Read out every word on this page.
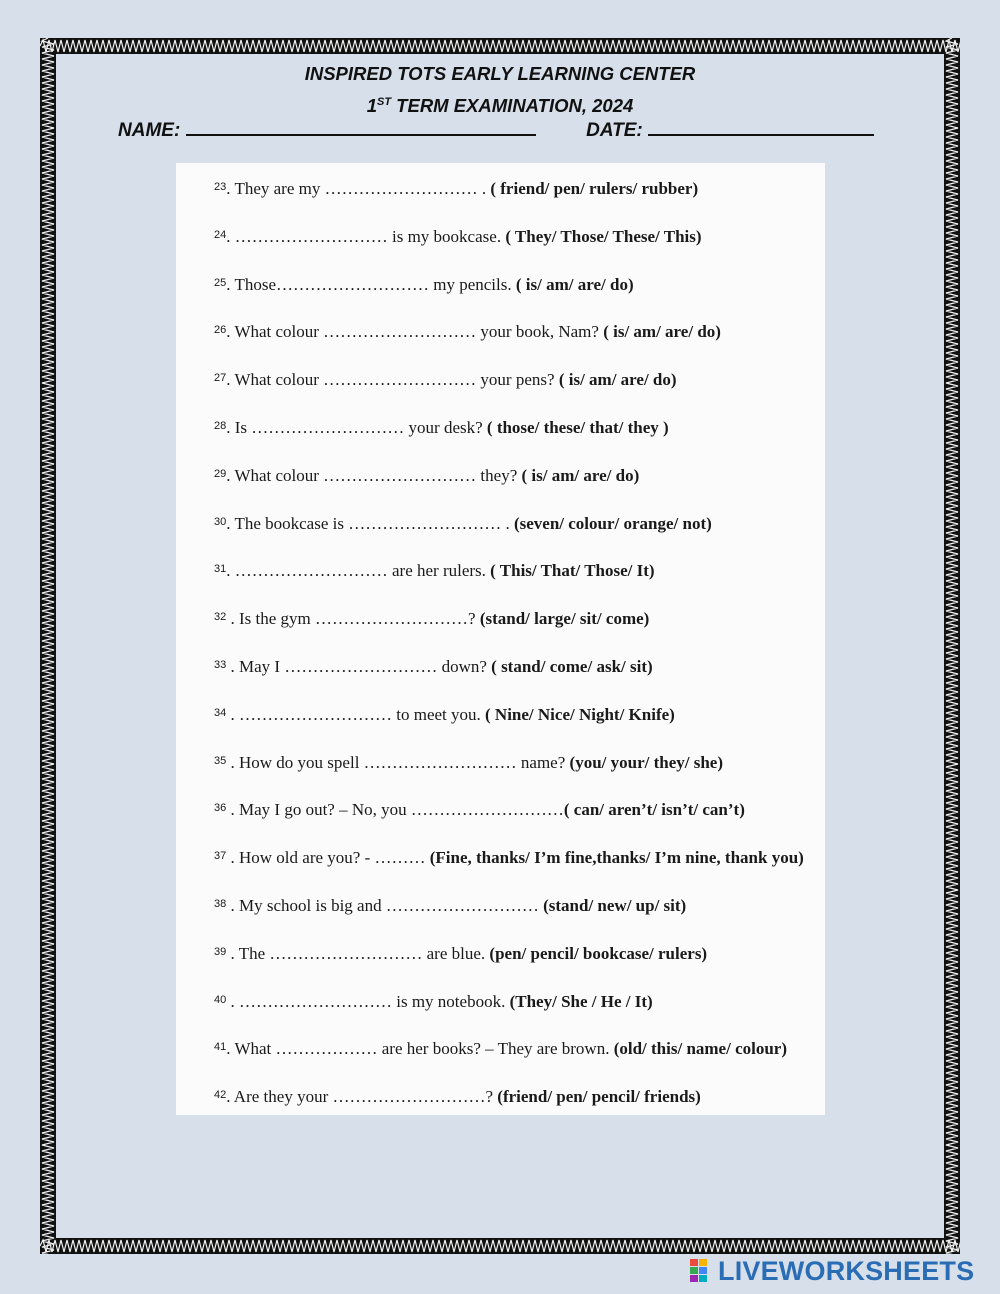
INSPIRED TOTS EARLY LEARNING CENTER
1ST TERM EXAMINATION, 2024
NAME:	DATE:
$^{23}$. They are my ……………………… . ( friend/ pen/ rulers/ rubber)
$^{24}$. ……………………… is my bookcase. ( They/ Those/ These/ This)
$^{25}$. Those……………………… my pencils. ( is/ am/ are/ do)
$^{26}$. What colour ……………………… your book, Nam? ( is/ am/ are/ do)
$^{27}$. What colour ……………………… your pens? ( is/ am/ are/ do)
$^{28}$. Is ……………………… your desk? ( those/ these/ that/ they )
$^{29}$. What colour ……………………… they? ( is/ am/ are/ do)
$^{30}$. The bookcase is ……………………… . (seven/ colour/ orange/ not)
$^{31}$. ……………………… are her rulers. ( This/ That/ Those/ It)
$^{32}$ . Is the gym ………………………? (stand/ large/ sit/ come)
$^{33}$ . May I ……………………… down? ( stand/ come/ ask/ sit)
$^{34}$ . ……………………… to meet you. ( Nine/ Nice/ Night/ Knife)
$^{35}$ . How do you spell ……………………… name? (you/ your/ they/ she)
$^{36}$ . May I go out? – No, you ………………………( can/ aren’t/ isn’t/ can’t)
$^{37}$ . How old are you? - ……… (Fine, thanks/ I’m fine,thanks/ I’m nine, thank you)
$^{38}$ . My school is big and ……………………… (stand/ new/ up/ sit)
$^{39}$ . The ……………………… are blue. (pen/ pencil/ bookcase/ rulers)
$^{40}$ . ……………………… is my notebook. (They/ She / He / It)
$^{41}$. What ……………… are her books? – They are brown. (old/ this/ name/ colour)
$^{42}$. Are they your ………………………? (friend/ pen/ pencil/ friends)
LIVEWORKSHEETS
